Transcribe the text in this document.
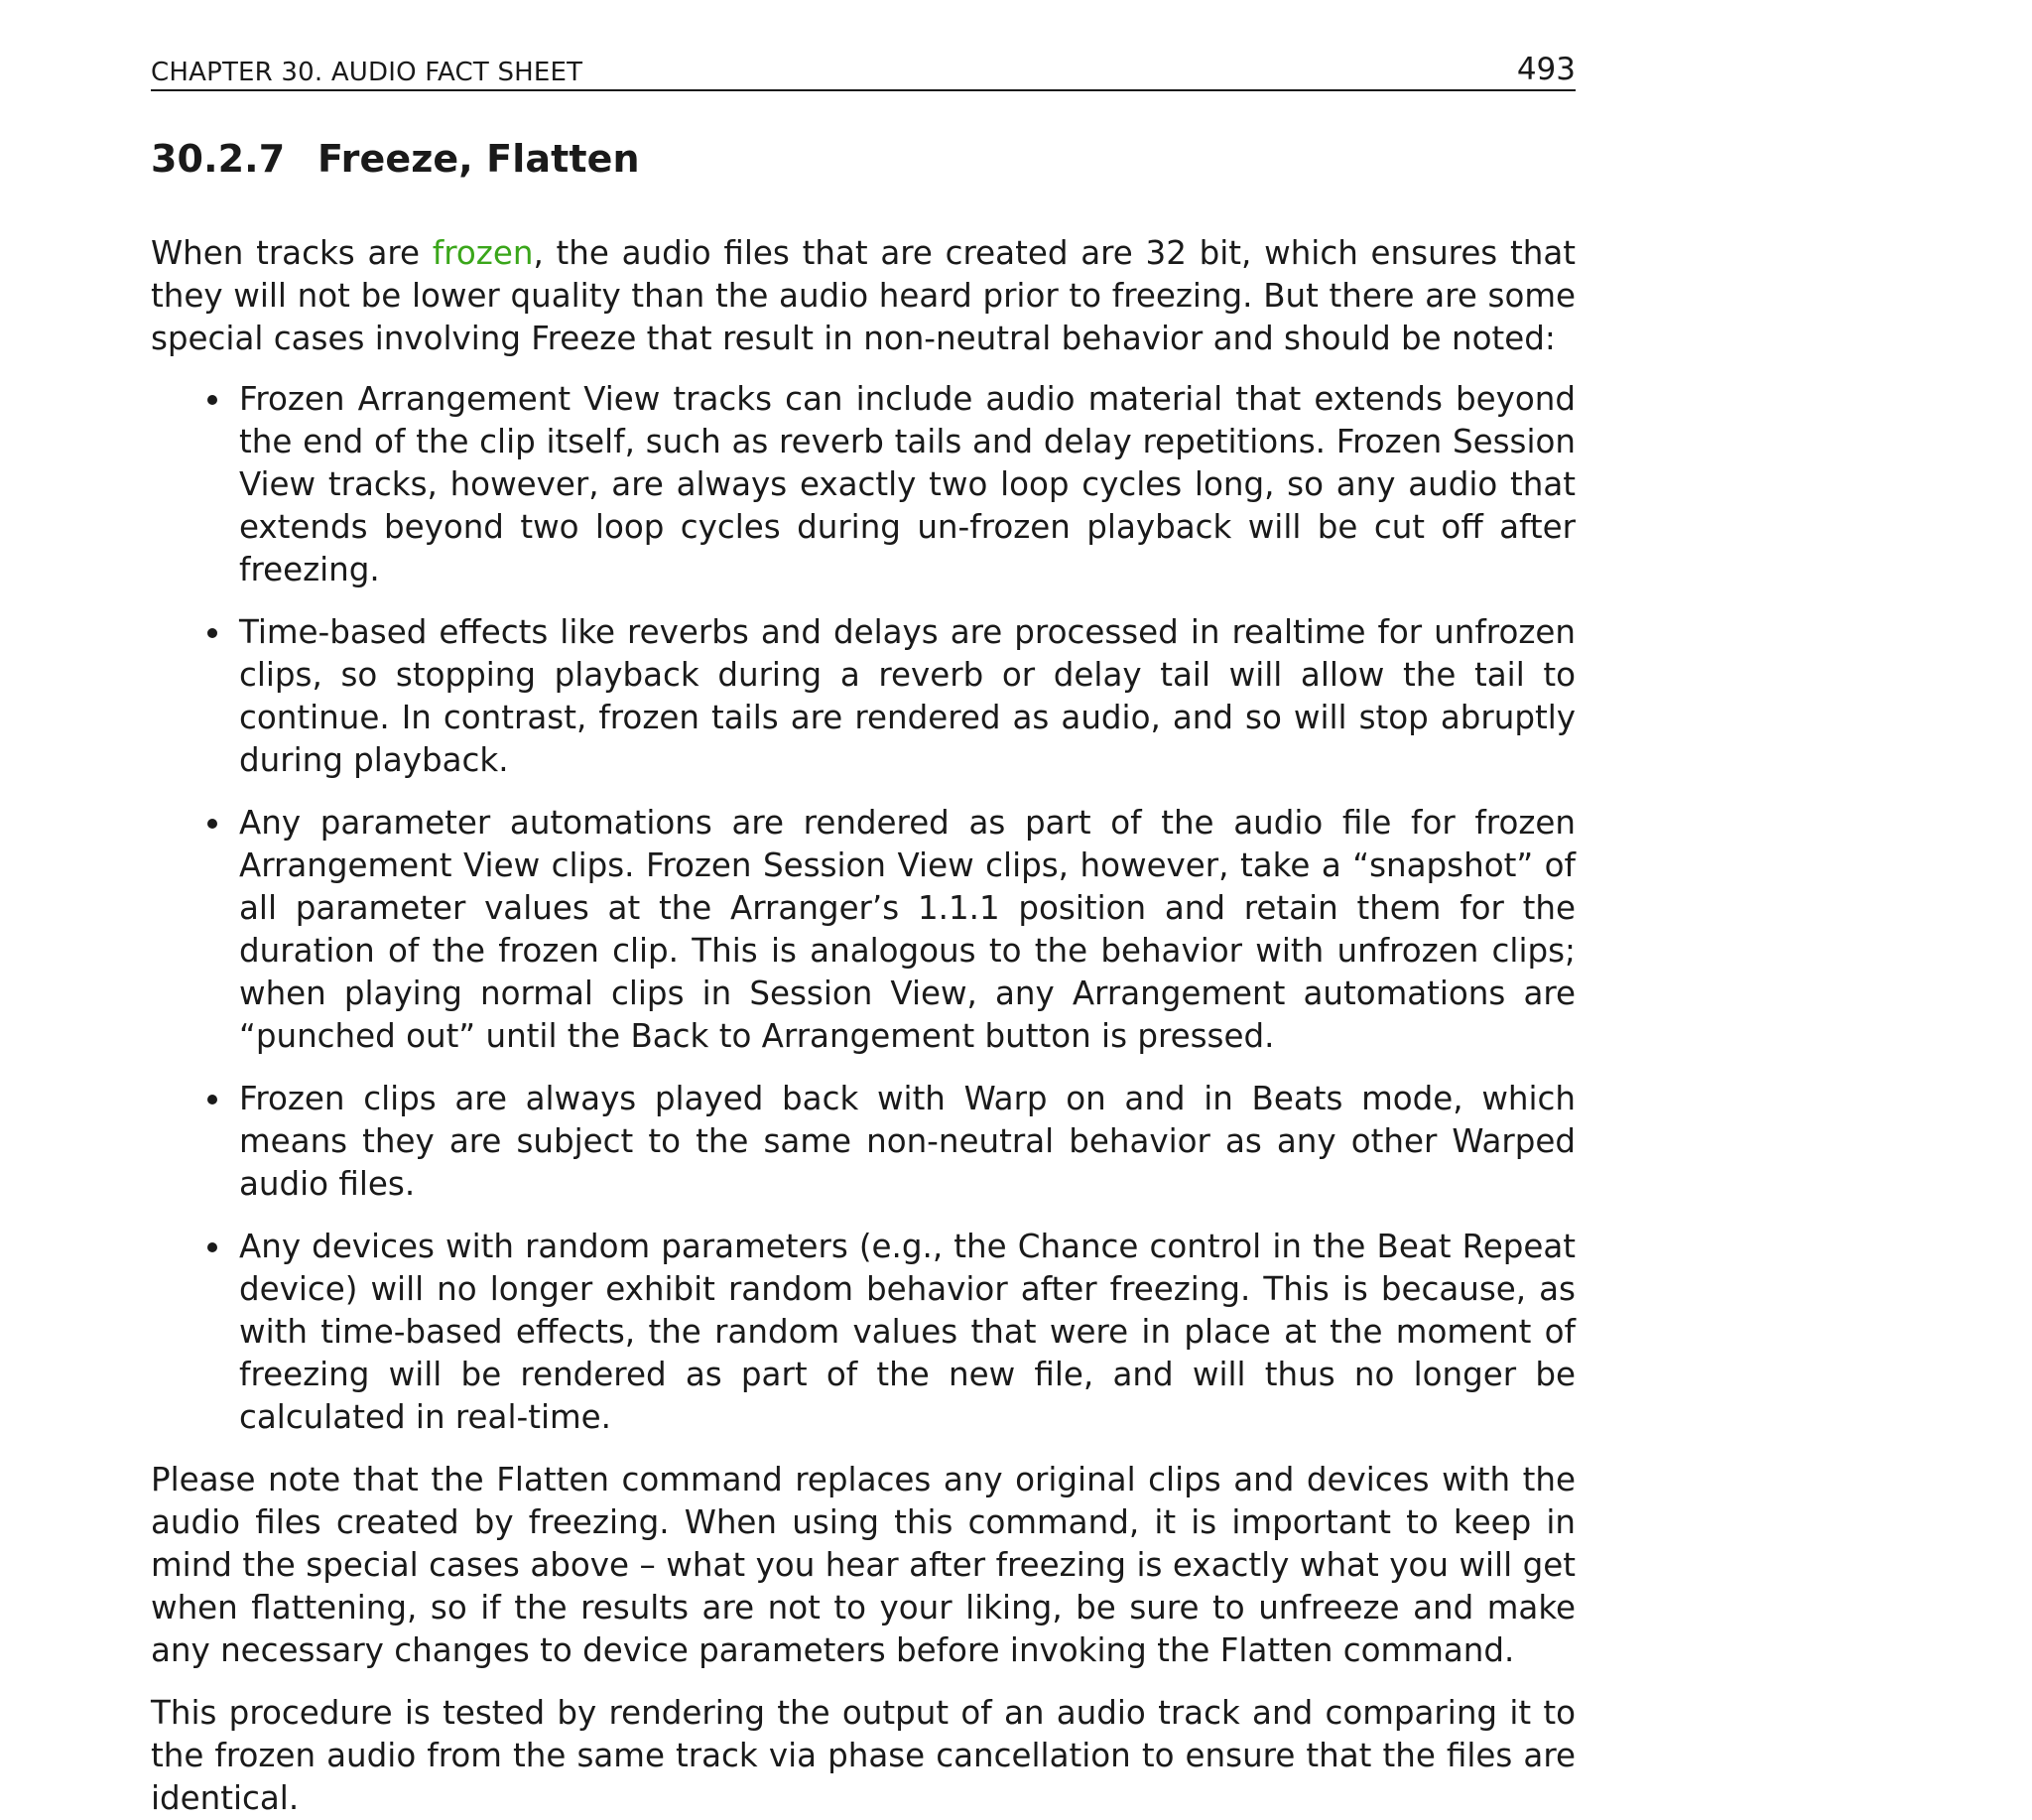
CHAPTER 30. AUDIO FACT SHEET	493
30.2.7 Freeze, Flatten

When tracks are frozen, the audio files that are created are 32 bit, which ensures that they will not be lower quality than the audio heard prior to freezing. But there are some special cases involving Freeze that result in non-neutral behavior and should be noted:

Frozen Arrangement View tracks can include audio material that extends beyond the end of the clip itself, such as reverb tails and delay repetitions. Frozen Session View tracks, however, are always exactly two loop cycles long, so any audio that extends beyond two loop cycles during un-frozen playback will be cut off after freezing.
Time-based effects like reverbs and delays are processed in realtime for unfrozen clips, so stopping playback during a reverb or delay tail will allow the tail to continue. In contrast, frozen tails are rendered as audio, and so will stop abruptly during playback.
Any parameter automations are rendered as part of the audio file for frozen Arrangement View clips. Frozen Session View clips, however, take a “snapshot” of all parameter values at the Arranger’s 1.1.1 position and retain them for the duration of the frozen clip. This is analogous to the behavior with unfrozen clips; when playing normal clips in Session View, any Arrangement automations are “punched out” until the Back to Arrangement button is pressed.
Frozen clips are always played back with Warp on and in Beats mode, which means they are subject to the same non-neutral behavior as any other Warped audio files.
Any devices with random parameters (e.g., the Chance control in the Beat Repeat device) will no longer exhibit random behavior after freezing. This is because, as with time-based effects, the random values that were in place at the moment of freezing will be rendered as part of the new file, and will thus no longer be calculated in real-time.

Please note that the Flatten command replaces any original clips and devices with the audio files created by freezing. When using this command, it is important to keep in mind the special cases above – what you hear after freezing is exactly what you will get when flattening, so if the results are not to your liking, be sure to unfreeze and make any necessary changes to device parameters before invoking the Flatten command.

This procedure is tested by rendering the output of an audio track and comparing it to the frozen audio from the same track via phase cancellation to ensure that the files are identical.
